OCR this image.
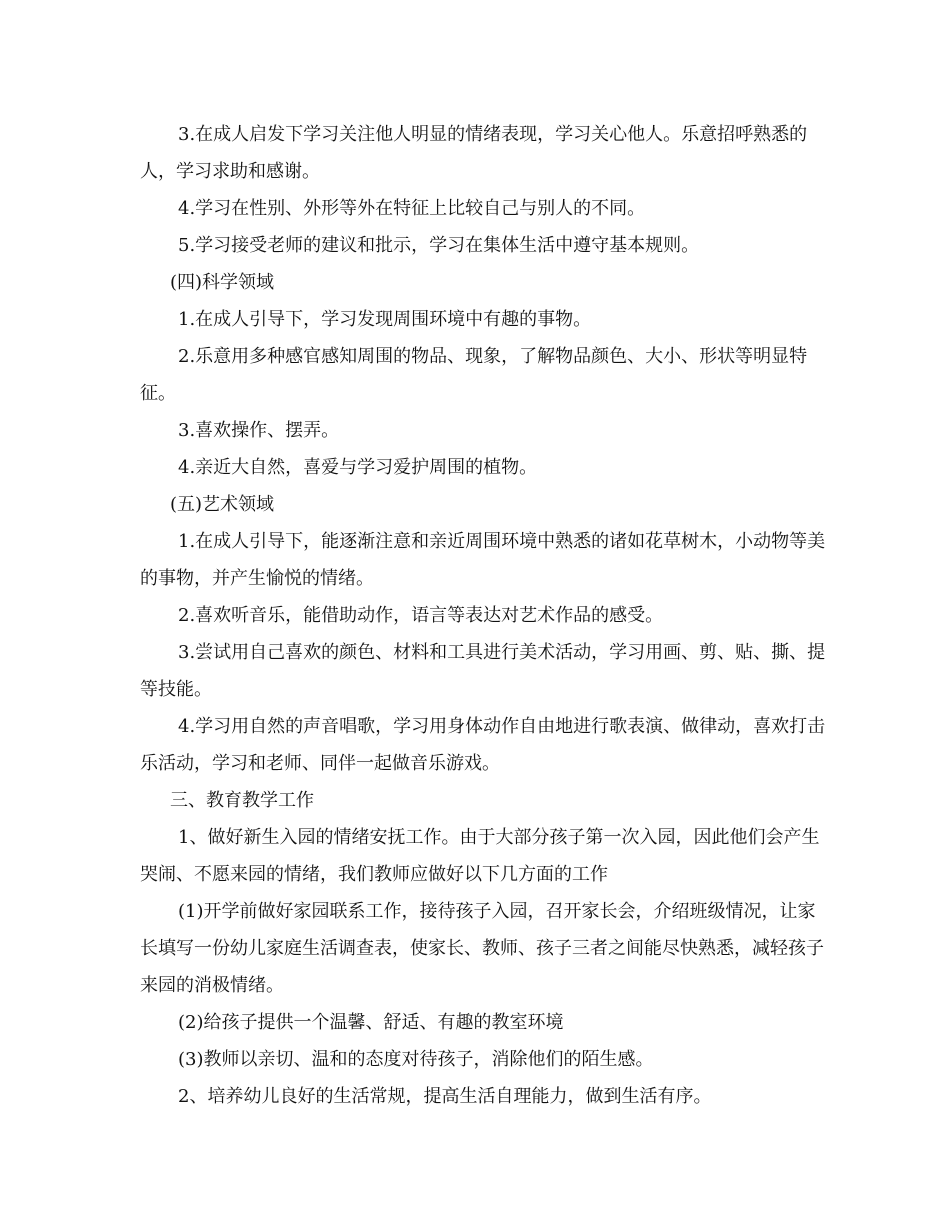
3.在成人启发下学习关注他人明显的情绪表现，学习关心他人。乐意招呼熟悉的人，学习求助和感谢。

4.学习在性别、外形等外在特征上比较自己与别人的不同。

5.学习接受老师的建议和批示，学习在集体生活中遵守基本规则。

(四)科学领域

1.在成人引导下，学习发现周围环境中有趣的事物。

2.乐意用多种感官感知周围的物品、现象，了解物品颜色、大小、形状等明显特征。

3.喜欢操作、摆弄。

4.亲近大自然，喜爱与学习爱护周围的植物。

(五)艺术领域

1.在成人引导下，能逐渐注意和亲近周围环境中熟悉的诸如花草树木，小动物等美的事物，并产生愉悦的情绪。

2.喜欢听音乐，能借助动作，语言等表达对艺术作品的感受。

3.尝试用自己喜欢的颜色、材料和工具进行美术活动，学习用画、剪、贴、撕、提等技能。

4.学习用自然的声音唱歌，学习用身体动作自由地进行歌表演、做律动，喜欢打击乐活动，学习和老师、同伴一起做音乐游戏。

三、教育教学工作

1、做好新生入园的情绪安抚工作。由于大部分孩子第一次入园，因此他们会产生哭闹、不愿来园的情绪，我们教师应做好以下几方面的工作

(1)开学前做好家园联系工作，接待孩子入园，召开家长会，介绍班级情况，让家长填写一份幼儿家庭生活调查表，使家长、教师、孩子三者之间能尽快熟悉，减轻孩子来园的消极情绪。

(2)给孩子提供一个温馨、舒适、有趣的教室环境

(3)教师以亲切、温和的态度对待孩子，消除他们的陌生感。

2、培养幼儿良好的生活常规，提高生活自理能力，做到生活有序。
